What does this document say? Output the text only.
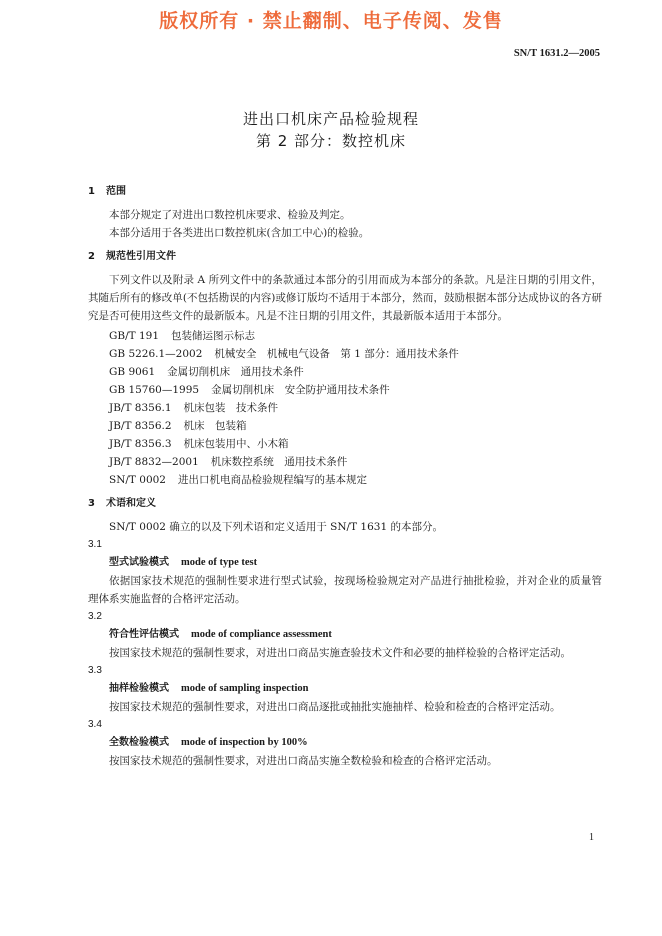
版权所有 · 禁止翻制、电子传阅、发售
SN/T 1631.2—2005
进出口机床产品检验规程
第 2 部分：数控机床
1 范围

本部分规定了对进出口数控机床要求、检验及判定。

本部分适用于各类进出口数控机床(含加工中心)的检验。

2 规范性引用文件

下列文件以及附录 A 所列文件中的条款通过本部分的引用而成为本部分的条款。凡是注日期的引用文件，其随后所有的修改单(不包括勘误的内容)或修订版均不适用于本部分，然而，鼓励根据本部分达成协议的各方研究是否可使用这些文件的最新版本。凡是不注日期的引用文件，其最新版本适用于本部分。

GB/T 191 包装储运图示标志
GB 5226.1—2002 机械安全　机械电气设备　第 1 部分：通用技术条件
GB 9061 金属切削机床　通用技术条件
GB 15760—1995 金属切削机床　安全防护通用技术条件
JB/T 8356.1 机床包装　技术条件
JB/T 8356.2 机床　包装箱
JB/T 8356.3 机床包装用中、小木箱
JB/T 8832—2001 机床数控系统　通用技术条件
SN/T 0002 进出口机电商品检验规程编写的基本规定
3 术语和定义

SN/T 0002 确立的以及下列术语和定义适用于 SN/T 1631 的本部分。

3.1

型式试验模式 mode of type test

依据国家技术规范的强制性要求进行型式试验，按现场检验规定对产品进行抽批检验，并对企业的质量管理体系实施监督的合格评定活动。

3.2

符合性评估模式 mode of compliance assessment

按国家技术规范的强制性要求，对进出口商品实施查验技术文件和必要的抽样检验的合格评定活动。

3.3

抽样检验模式 mode of sampling inspection

按国家技术规范的强制性要求，对进出口商品逐批或抽批实施抽样、检验和检查的合格评定活动。

3.4

全数检验模式 mode of inspection by 100%

按国家技术规范的强制性要求，对进出口商品实施全数检验和检查的合格评定活动。

1
